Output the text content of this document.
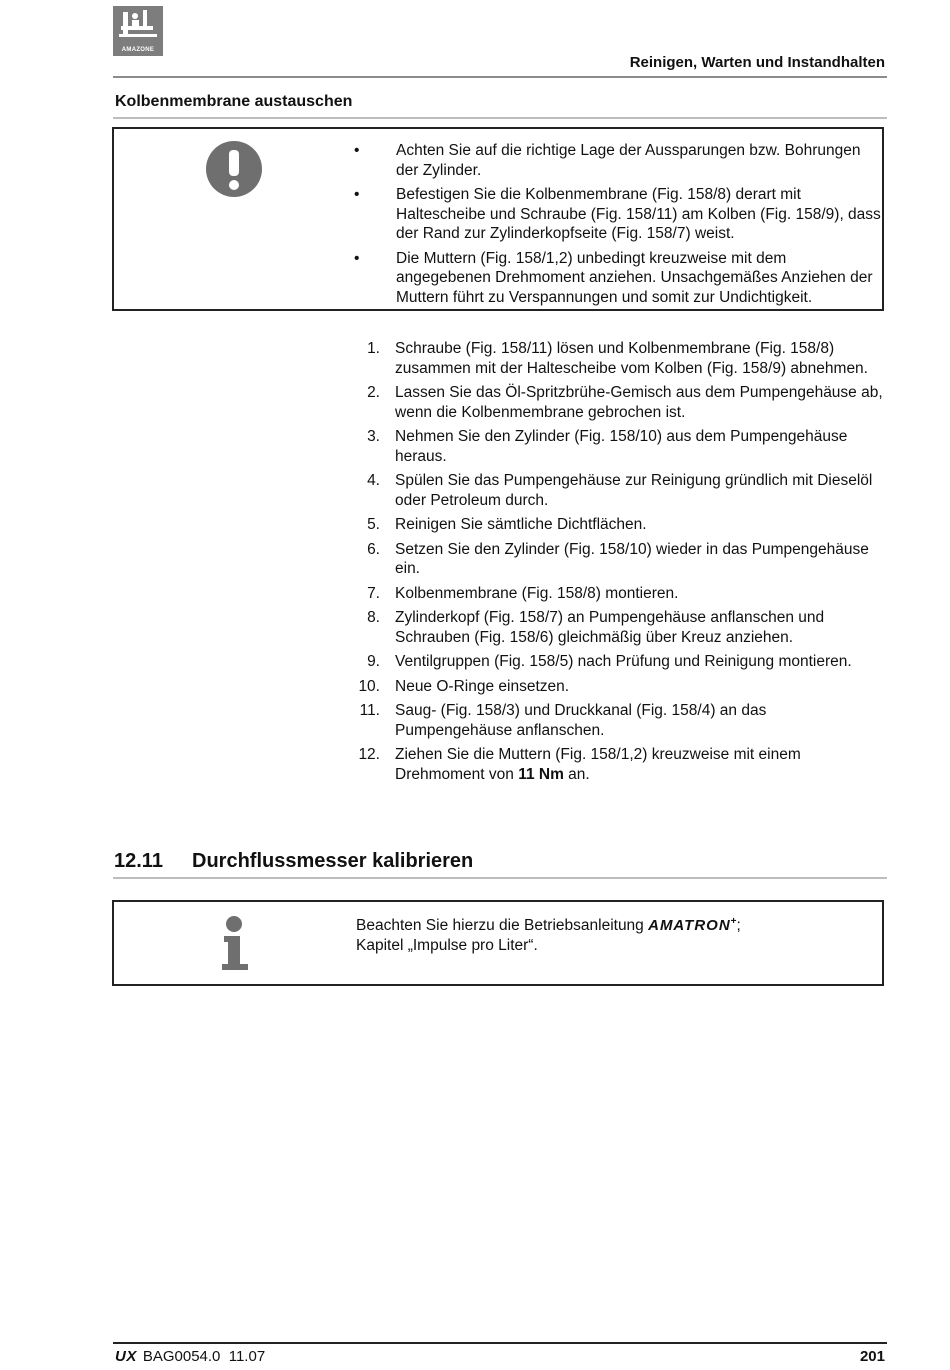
AMAZONE
Reinigen, Warten und Instandhalten
Kolbenmembrane austauschen
• Achten Sie auf die richtige Lage der Aussparungen bzw. Bohrungen der Zylinder.
• Befestigen Sie die Kolbenmembrane (Fig. 158/8) derart mit Haltescheibe und Schraube (Fig. 158/11) am Kolben (Fig. 158/9), dass der Rand zur Zylinderkopfseite (Fig. 158/7) weist.
• Die Muttern (Fig. 158/1,2) unbedingt kreuzweise mit dem angegebenen Drehmoment anziehen. Unsachgemäßes Anziehen der Muttern führt zu Verspannungen und somit zur Undichtigkeit.
1. Schraube (Fig. 158/11) lösen und Kolbenmembrane (Fig. 158/8) zusammen mit der Haltescheibe vom Kolben (Fig. 158/9) abnehmen.
2. Lassen Sie das Öl-Spritzbrühe-Gemisch aus dem Pumpengehäuse ab, wenn die Kolbenmembrane gebrochen ist.
3. Nehmen Sie den Zylinder (Fig. 158/10) aus dem Pumpengehäuse heraus.
4. Spülen Sie das Pumpengehäuse zur Reinigung gründlich mit Dieselöl oder Petroleum durch.
5. Reinigen Sie sämtliche Dichtflächen.
6. Setzen Sie den Zylinder (Fig. 158/10) wieder in das Pumpengehäuse ein.
7. Kolbenmembrane (Fig. 158/8) montieren.
8. Zylinderkopf (Fig. 158/7) an Pumpengehäuse anflanschen und Schrauben (Fig. 158/6) gleichmäßig über Kreuz anziehen.
9. Ventilgruppen (Fig. 158/5) nach Prüfung und Reinigung montieren.
10. Neue O-Ringe einsetzen.
11. Saug- (Fig. 158/3) und Druckkanal (Fig. 158/4) an das Pumpengehäuse anflanschen.
12. Ziehen Sie die Muttern (Fig. 158/1,2) kreuzweise mit einem Drehmoment von 11 Nm an.
12.11 Durchflussmesser kalibrieren
Beachten Sie hierzu die Betriebsanleitung AMATRON+;
Kapitel „Impulse pro Liter“.
UX BAG0054.0  11.07	201
